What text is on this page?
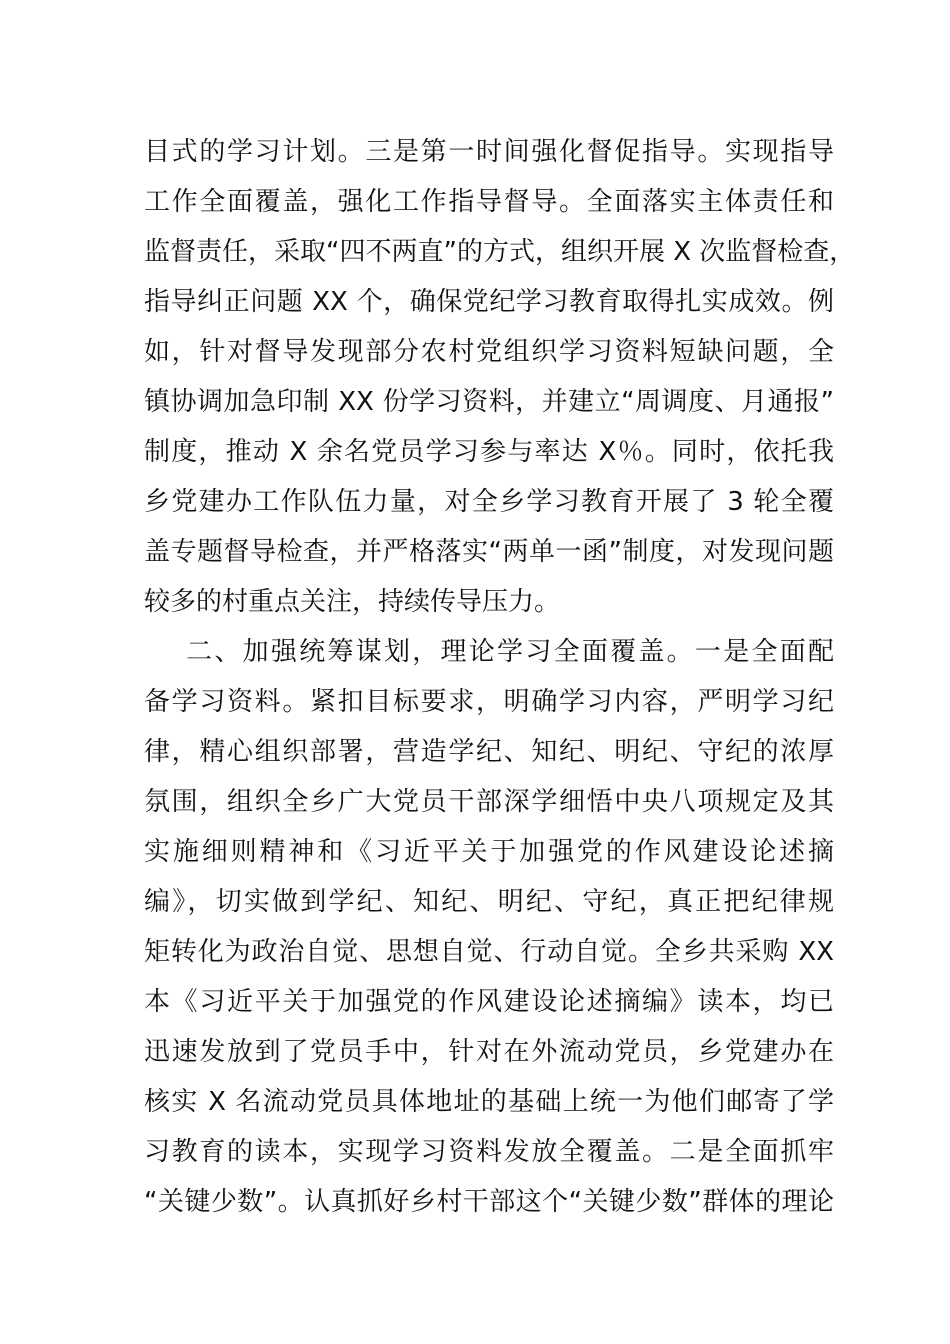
目式的学习计划。三是第一时间强化督促指导。实现指导
工作全面覆盖，强化工作指导督导。全面落实主体责任和
监督责任，采取“四不两直”的方式，组织开展 X 次监督检查，
指导纠正问题 XX 个，确保党纪学习教育取得扎实成效。例
如，针对督导发现部分农村党组织学习资料短缺问题，全
镇协调加急印制 XX 份学习资料，并建立“周调度、月通报”
制度，推动 X 余名党员学习参与率达 X％。同时，依托我
乡党建办工作队伍力量，对全乡学习教育开展了 3 轮全覆
盖专题督导检查，并严格落实“两单一函”制度，对发现问题
较多的村重点关注，持续传导压力。
二、加强统筹谋划，理论学习全面覆盖。一是全面配
备学习资料。紧扣目标要求，明确学习内容，严明学习纪
律，精心组织部署，营造学纪、知纪、明纪、守纪的浓厚
氛围，组织全乡广大党员干部深学细悟中央八项规定及其
实施细则精神和《习近平关于加强党的作风建设论述摘
编》，切实做到学纪、知纪、明纪、守纪，真正把纪律规
矩转化为政治自觉、思想自觉、行动自觉。全乡共采购 XX
本《习近平关于加强党的作风建设论述摘编》读本，均已
迅速发放到了党员手中，针对在外流动党员，乡党建办在
核实 X 名流动党员具体地址的基础上统一为他们邮寄了学
习教育的读本，实现学习资料发放全覆盖。二是全面抓牢
“关键少数”。认真抓好乡村干部这个“关键少数”群体的理论
